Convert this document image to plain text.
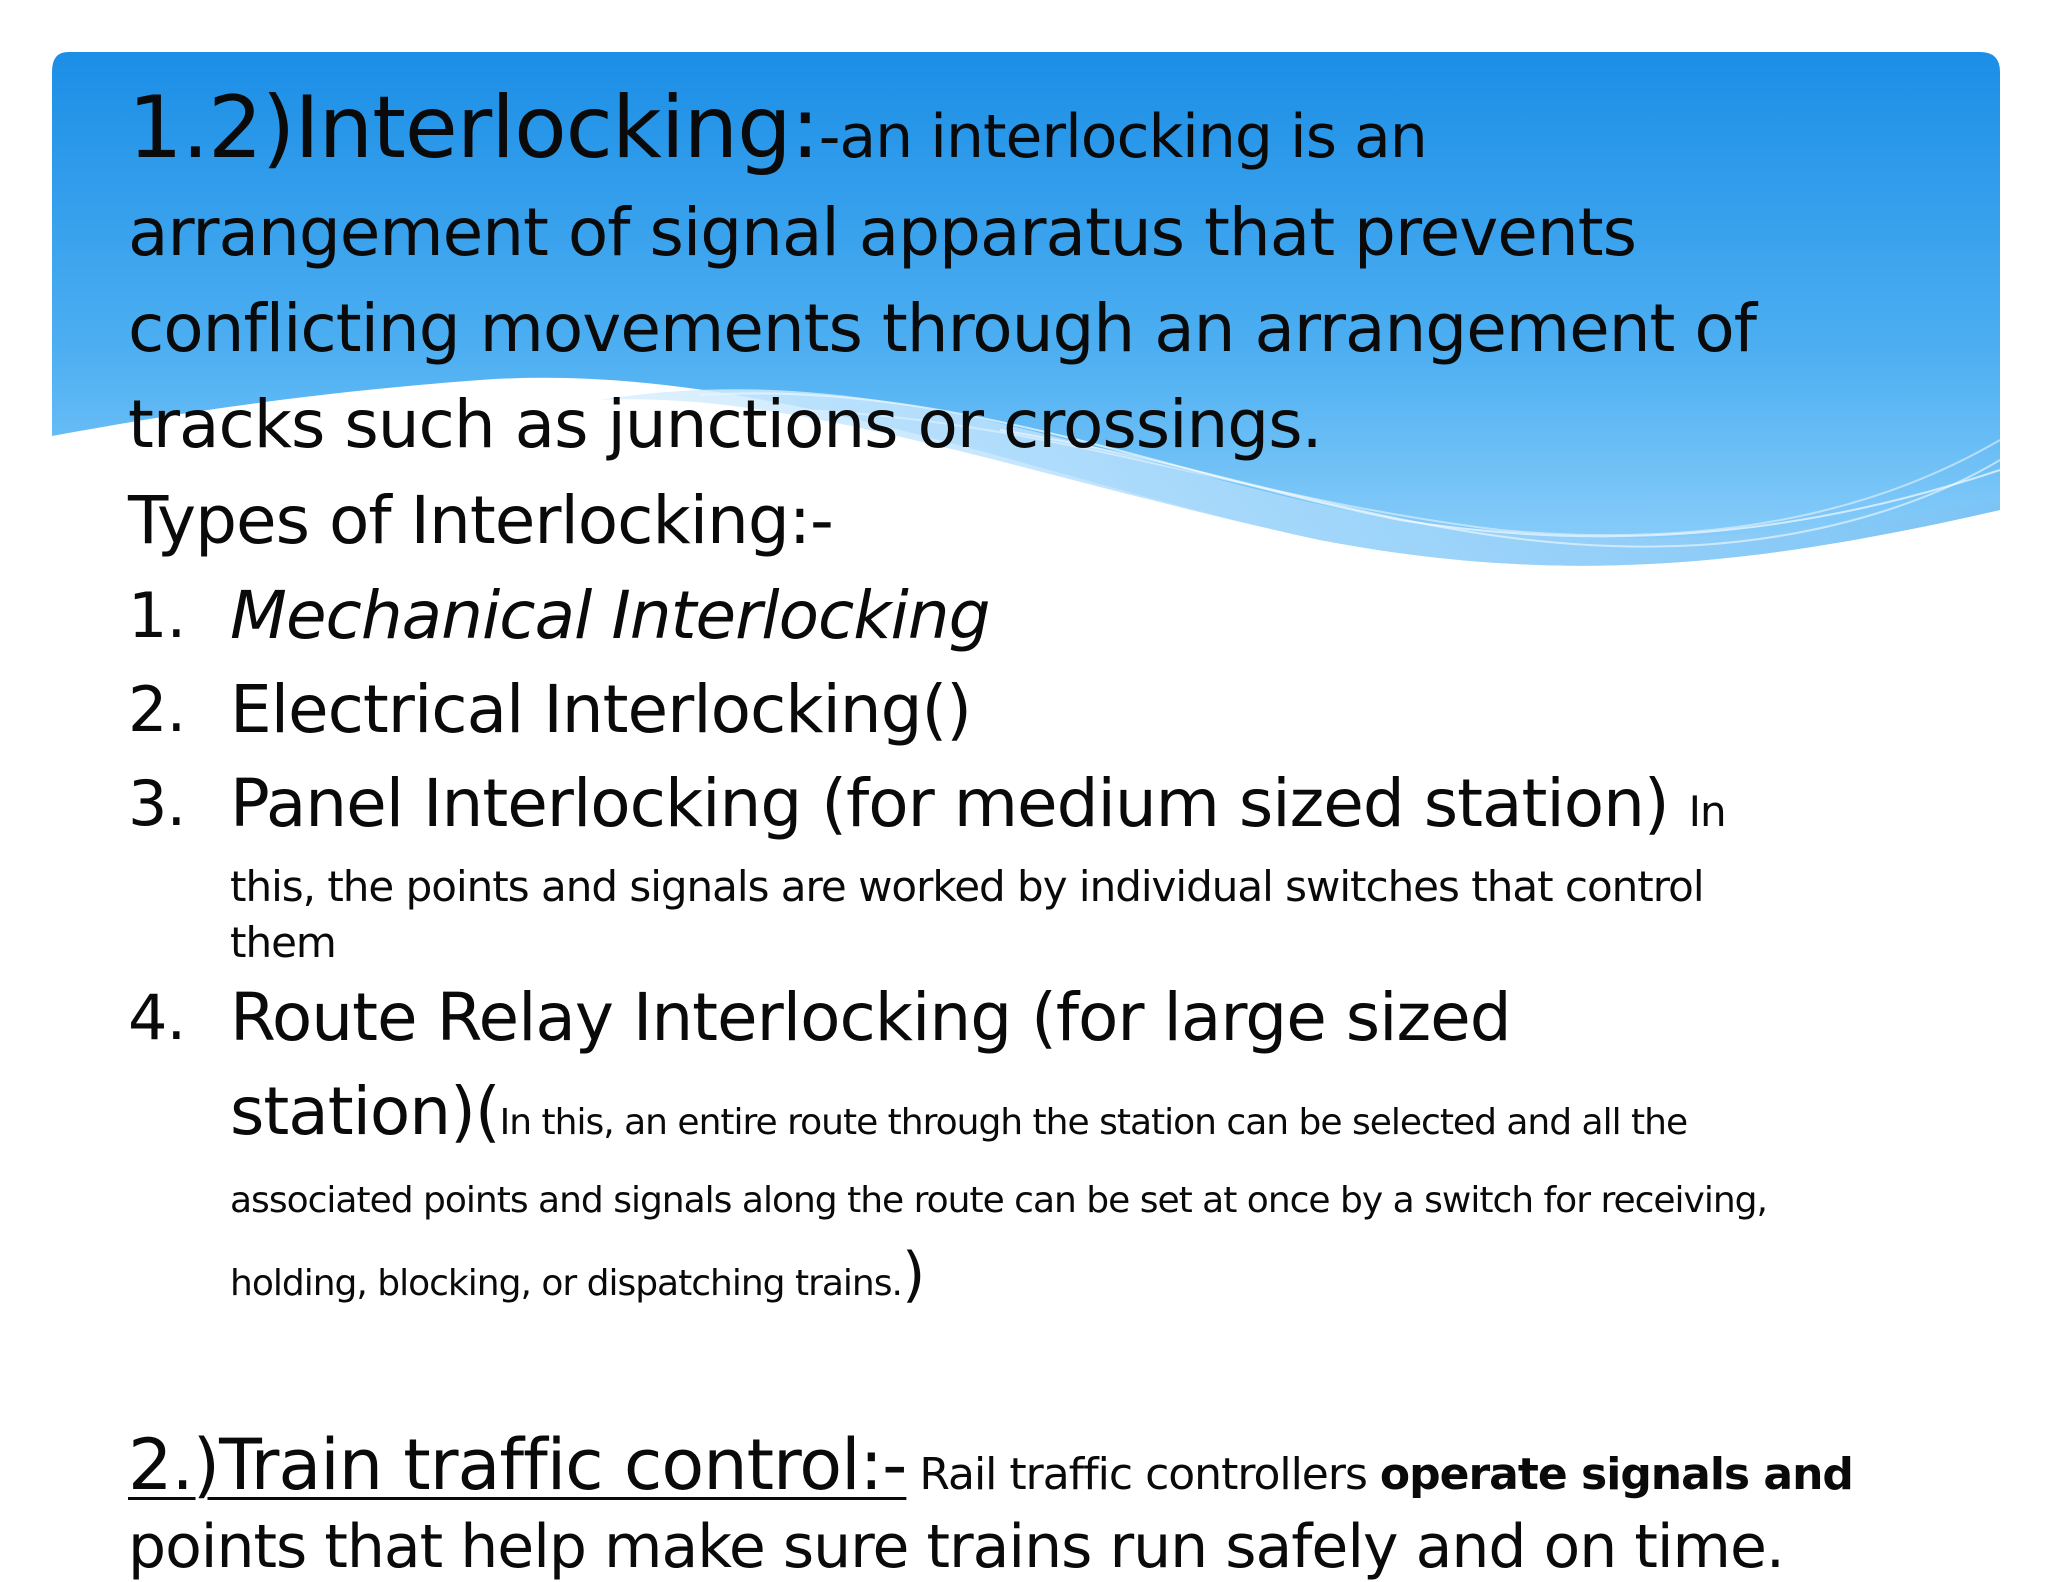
1.2)Interlocking:-an interlocking is an
arrangement of signal apparatus that prevents
conflicting movements through an arrangement of
tracks such as junctions or crossings.
Types of Interlocking:-
1. Mechanical Interlocking
2. Electrical Interlocking()
3. Panel Interlocking (for medium sized station) In
this, the points and signals are worked by individual switches that control
them
4. Route Relay Interlocking (for large sized
station)(In this, an entire route through the station can be selected and all the
associated points and signals along the route can be set at once by a switch for receiving,
holding, blocking, or dispatching trains.)
2.)Train traffic control:- Rail traffic controllers operate signals and
points that help make sure trains run safely and on time.
